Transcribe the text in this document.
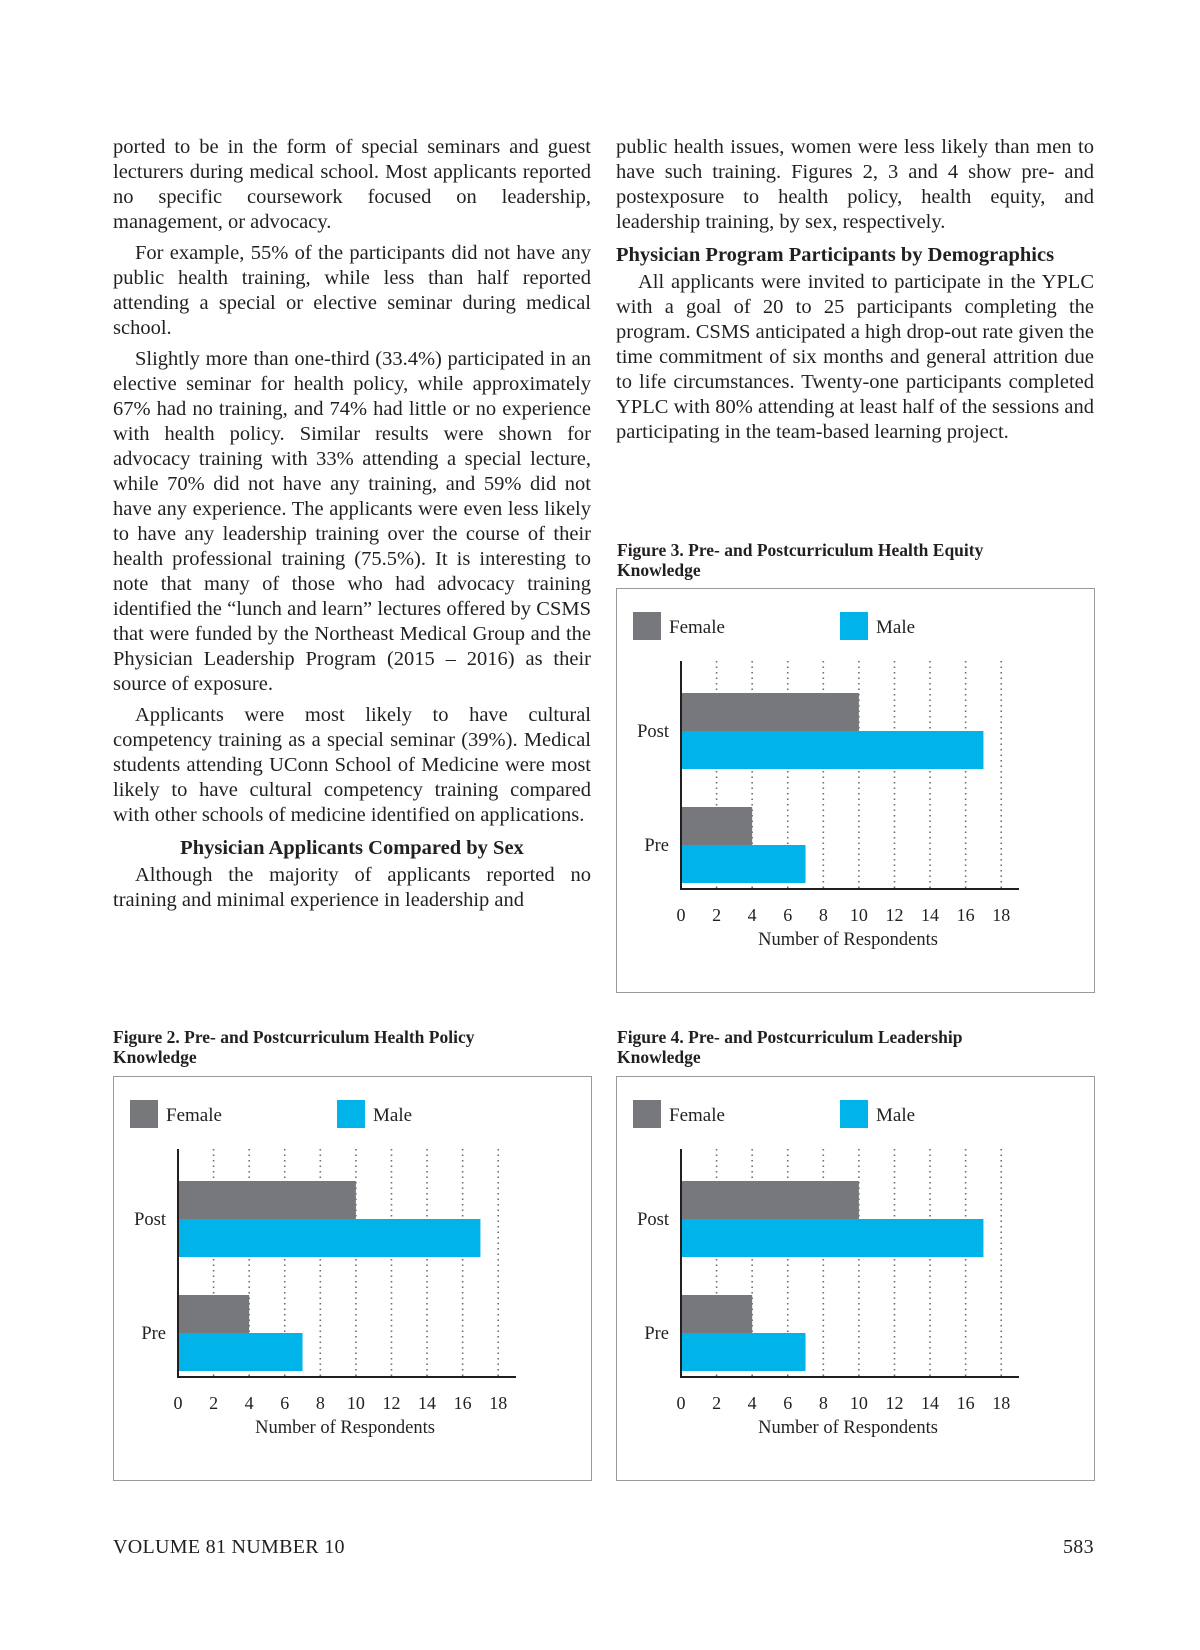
ported to be in the form of special seminars and guest lecturers during medical school. Most applicants reported no specific coursework focused on leadership, management, or advocacy.

For example, 55% of the participants did not have any public health training, while less than half reported attending a special or elective seminar during medical school.

Slightly more than one-third (33.4%) participated in an elective seminar for health policy, while approximately 67% had no training, and 74% had little or no experience with health policy. Similar results were shown for advocacy training with 33% attending a special lecture, while 70% did not have any training, and 59% did not have any experience. The applicants were even less likely to have any leadership training over the course of their health professional training (75.5%). It is interesting to note that many of those who had advocacy training identified the “lunch and learn” lectures offered by CSMS that were funded by the Northeast Medical Group and the Physician Leadership Program (2015 – 2016) as their source of exposure.

Applicants were most likely to have cultural competency training as a special seminar (39%). Medical students attending UConn School of Medicine were most likely to have cultural competency training compared with other schools of medicine identified on applications.

Physician Applicants Compared by Sex

Although the majority of applicants reported no training and minimal experience in leadership and

public health issues, women were less likely than men to have such training. Figures 2, 3 and 4 show pre- and postexposure to health policy, health equity, and leadership training, by sex, respectively.

Physician Program Participants by Demographics

All applicants were invited to participate in the YPLC with a goal of 20 to 25 participants completing the program. CSMS anticipated a high drop-out rate given the time commitment of six months and general attrition due to life circumstances. Twenty-one participants completed YPLC with 80% attending at least half of the sessions and participating in the team-based learning project.

Figure 3. Pre- and Postcurriculum Health Equity Knowledge
Female	Male
Post
Pre
0 2 4 6 8 10 12 14 16 18
Number of Respondents
Figure 2. Pre- and Postcurriculum Health Policy Knowledge
Female	Male
Post
Pre
0 2 4 6 8 10 12 14 16 18
Number of Respondents
Figure 4. Pre- and Postcurriculum Leadership Knowledge
Female	Male
Post
Pre
0 2 4 6 8 10 12 14 16 18
Number of Respondents
VOLUME 81 NUMBER 10	583
